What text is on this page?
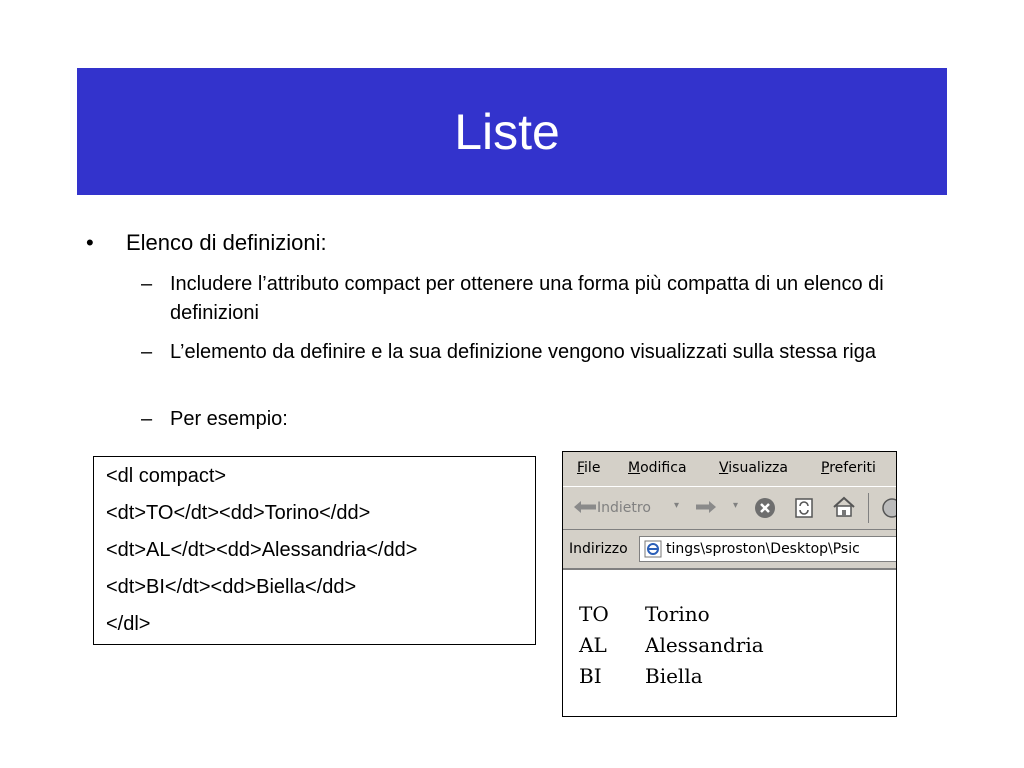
Liste
• Elenco di definizioni:
– Includere l’attributo compact per ottenere una forma più compatta di un elenco di definizioni
– L’elemento da definire e la sua definizione vengono visualizzati sulla stessa riga
– Per esempio:
<dl compact>
<dt>TO</dt><dd>Torino</dd>
<dt>AL</dt><dd>Alessandria</dd>
<dt>BI</dt><dd>Biella</dd>
</dl>
File Modifica Visualizza Preferiti
Indietro ▾	▾
Indirizzo	tings\sproston\Desktop\Psic
TO Torino
AL Alessandria
BI Biella
